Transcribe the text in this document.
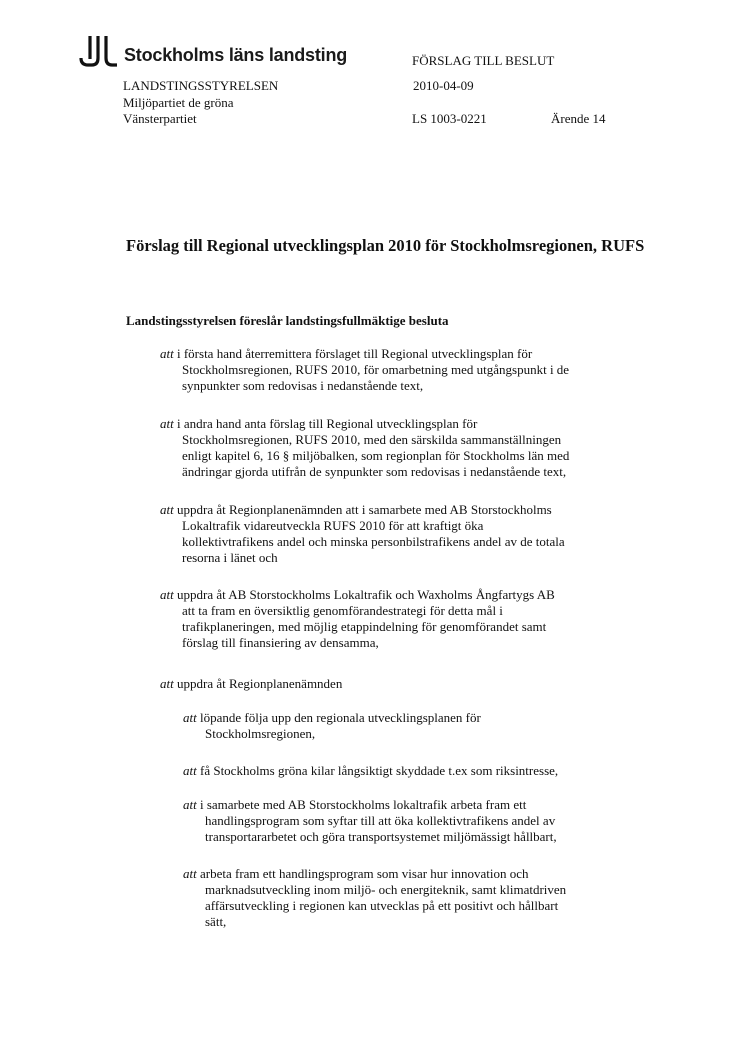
Stockholms läns landsting	FÖRSLAG TILL BESLUT
LANDSTINGSSTYRELSEN	2010-04-09
Miljöpartiet de gröna
Vänsterpartiet	LS 1003-0221	Ärende 14
Förslag till Regional utvecklingsplan 2010 för Stockholmsregionen, RUFS
Landstingsstyrelsen föreslår landstingsfullmäktige besluta
att i första hand återremittera förslaget till Regional utvecklingsplan för
Stockholmsregionen, RUFS 2010, för omarbetning med utgångspunkt i de
synpunkter som redovisas i nedanstående text,
att i andra hand anta förslag till Regional utvecklingsplan för
Stockholmsregionen, RUFS 2010, med den särskilda sammanställningen
enligt kapitel 6, 16 § miljöbalken, som regionplan för Stockholms län med
ändringar gjorda utifrån de synpunkter som redovisas i nedanstående text,
att uppdra åt Regionplanenämnden att i samarbete med AB Storstockholms
Lokaltrafik vidareutveckla RUFS 2010 för att kraftigt öka
kollektivtrafikens andel och minska personbilstrafikens andel av de totala
resorna i länet och
att uppdra åt AB Storstockholms Lokaltrafik och Waxholms Ångfartygs AB
att ta fram en översiktlig genomförandestrategi för detta mål i
trafikplaneringen, med möjlig etappindelning för genomförandet samt
förslag till finansiering av densamma,
att uppdra åt Regionplanenämnden
att löpande följa upp den regionala utvecklingsplanen för
Stockholmsregionen,
att få Stockholms gröna kilar långsiktigt skyddade t.ex som riksintresse,
att i samarbete med AB Storstockholms lokaltrafik arbeta fram ett
handlingsprogram som syftar till att öka kollektivtrafikens andel av
transportararbetet och göra transportsystemet miljömässigt hållbart,
att arbeta fram ett handlingsprogram som visar hur innovation och
marknadsutveckling inom miljö- och energiteknik, samt klimatdriven
affärsutveckling i regionen kan utvecklas på ett positivt och hållbart
sätt,
